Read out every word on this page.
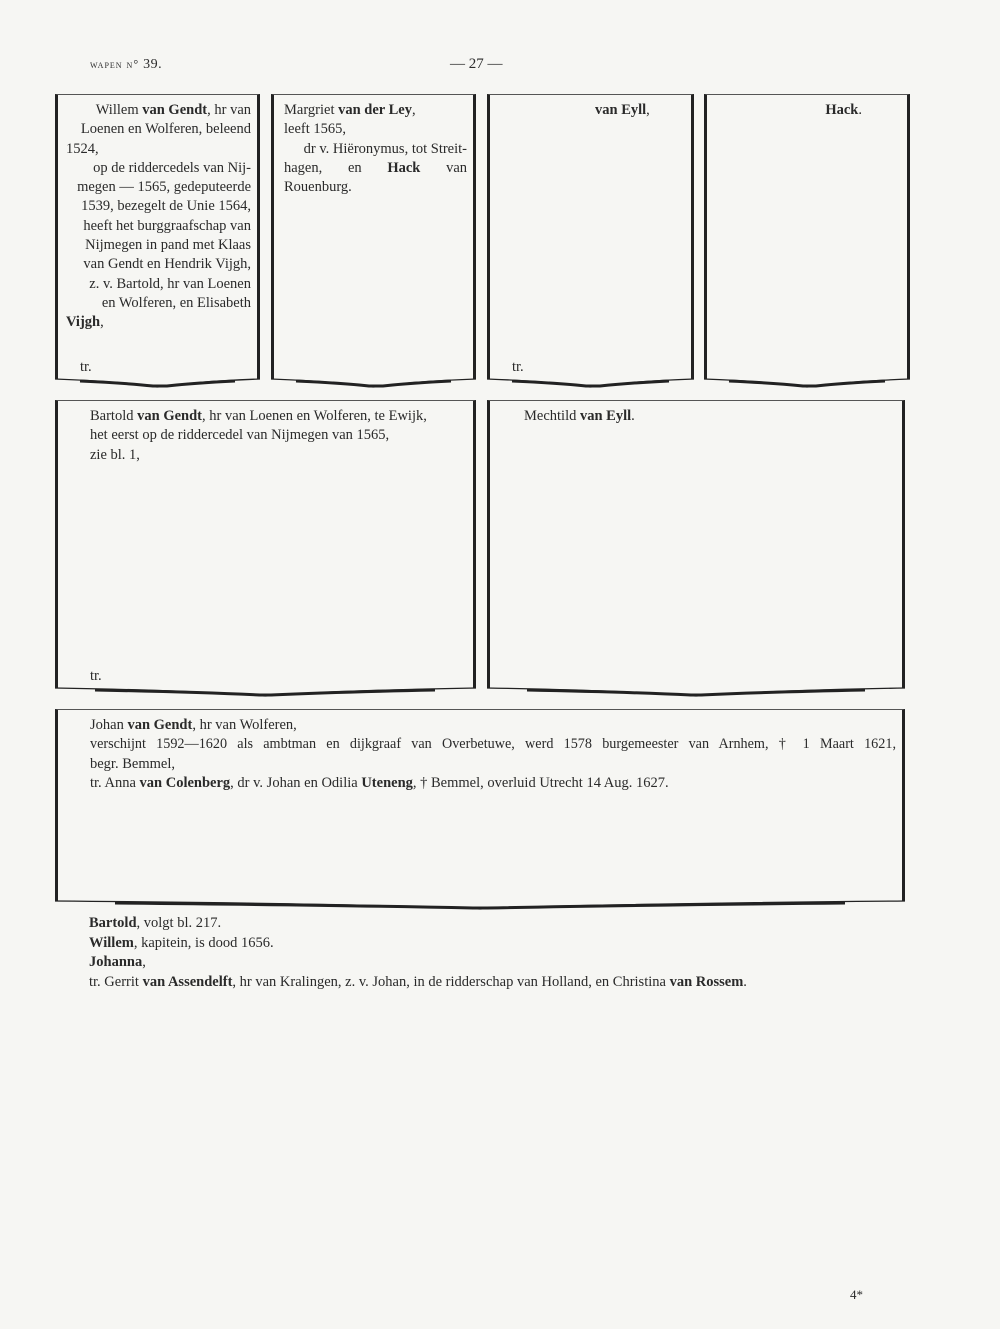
wapen n° 39.	— 27 —

Willem van Gendt, hr van

Loenen en Wolferen, beleend

1524,

op de riddercedels van Nij-

megen — 1565, gedeputeerde

1539, bezegelt de Unie 1564,

heeft het burggraafschap van

Nijmegen in pand met Klaas

van Gendt en Hendrik Vijgh,

z. v. Bartold, hr van Loenen

en Wolferen, en Elisabeth

Vijgh,

tr.

Margriet van der Ley,

leeft 1565,

dr v. Hiëronymus, tot Streit-

hagen, en Hack van

Rouenburg.

van Eyll,

tr.

Hack.

Bartold van Gendt, hr van Loenen en Wolferen, te Ewijk,

het eerst op de riddercedel van Nijmegen van 1565,

zie bl. 1,

tr.

Mechtild van Eyll.

Johan van Gendt, hr van Wolferen,

verschijnt 1592—1620 als ambtman en dijkgraaf van Overbetuwe, werd 1578 burgemeester van Arnhem, † 1 Maart 1621,

begr. Bemmel,

tr. Anna van Colenberg, dr v. Johan en Odilia Uteneng, † Bemmel, overluid Utrecht 14 Aug. 1627.

Bartold, volgt bl. 217.

Willem, kapitein, is dood 1656.

Johanna,

tr. Gerrit van Assendelft, hr van Kralingen, z. v. Johan, in de ridderschap van Holland, en Christina van Rossem.

4*
